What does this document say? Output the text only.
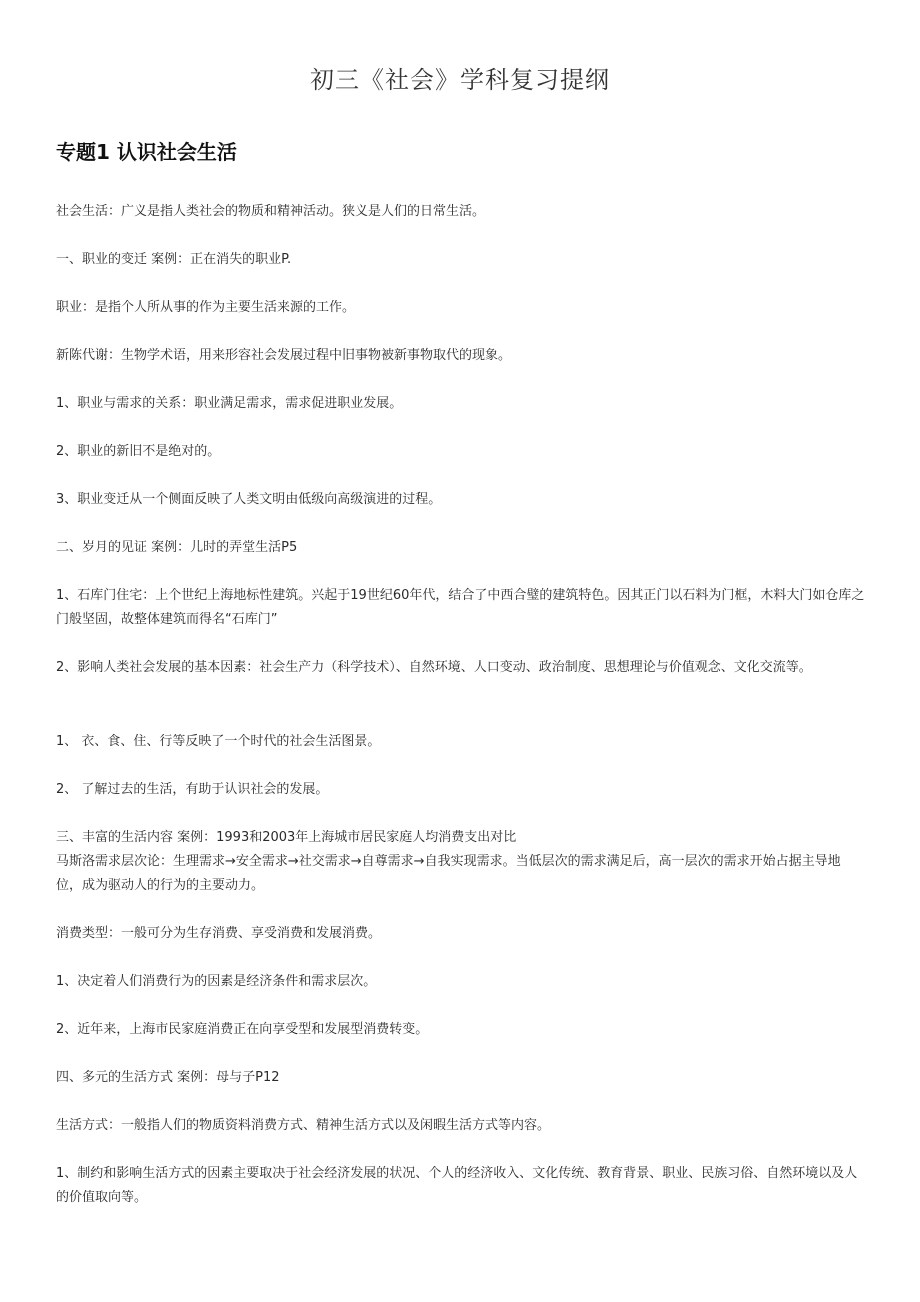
初三《社会》学科复习提纲
专题1 认识社会生活

社会生活：广义是指人类社会的物质和精神活动。狭义是人们的日常生活。

一、职业的变迁 案例：正在消失的职业P.

职业：是指个人所从事的作为主要生活来源的工作。

新陈代谢：生物学术语，用来形容社会发展过程中旧事物被新事物取代的现象。

1、职业与需求的关系：职业满足需求，需求促进职业发展。

2、职业的新旧不是绝对的。

3、职业变迁从一个侧面反映了人类文明由低级向高级演进的过程。

二、岁月的见证 案例：儿时的弄堂生活P5

1、石库门住宅：上个世纪上海地标性建筑。兴起于19世纪60年代，结合了中西合璧的建筑特色。因其正门以石料为门框，木料大门如仓库之门般坚固，故整体建筑而得名“石库门”

2、影响人类社会发展的基本因素：社会生产力（科学技术）、自然环境、人口变动、政治制度、思想理论与价值观念、文化交流等。

1、 衣、食、住、行等反映了一个时代的社会生活图景。

2、 了解过去的生活，有助于认识社会的发展。

三、丰富的生活内容 案例：1993和2003年上海城市居民家庭人均消费支出对比

马斯洛需求层次论：生理需求→安全需求→社交需求→自尊需求→自我实现需求。当低层次的需求满足后，高一层次的需求开始占据主导地位，成为驱动人的行为的主要动力。

消费类型：一般可分为生存消费、享受消费和发展消费。

1、决定着人们消费行为的因素是经济条件和需求层次。

2、近年来，上海市民家庭消费正在向享受型和发展型消费转变。

四、多元的生活方式 案例：母与子P12

生活方式：一般指人们的物质资料消费方式、精神生活方式以及闲暇生活方式等内容。

1、制约和影响生活方式的因素主要取决于社会经济发展的状况、个人的经济收入、文化传统、教育背景、职业、民族习俗、自然环境以及人的价值取向等。
